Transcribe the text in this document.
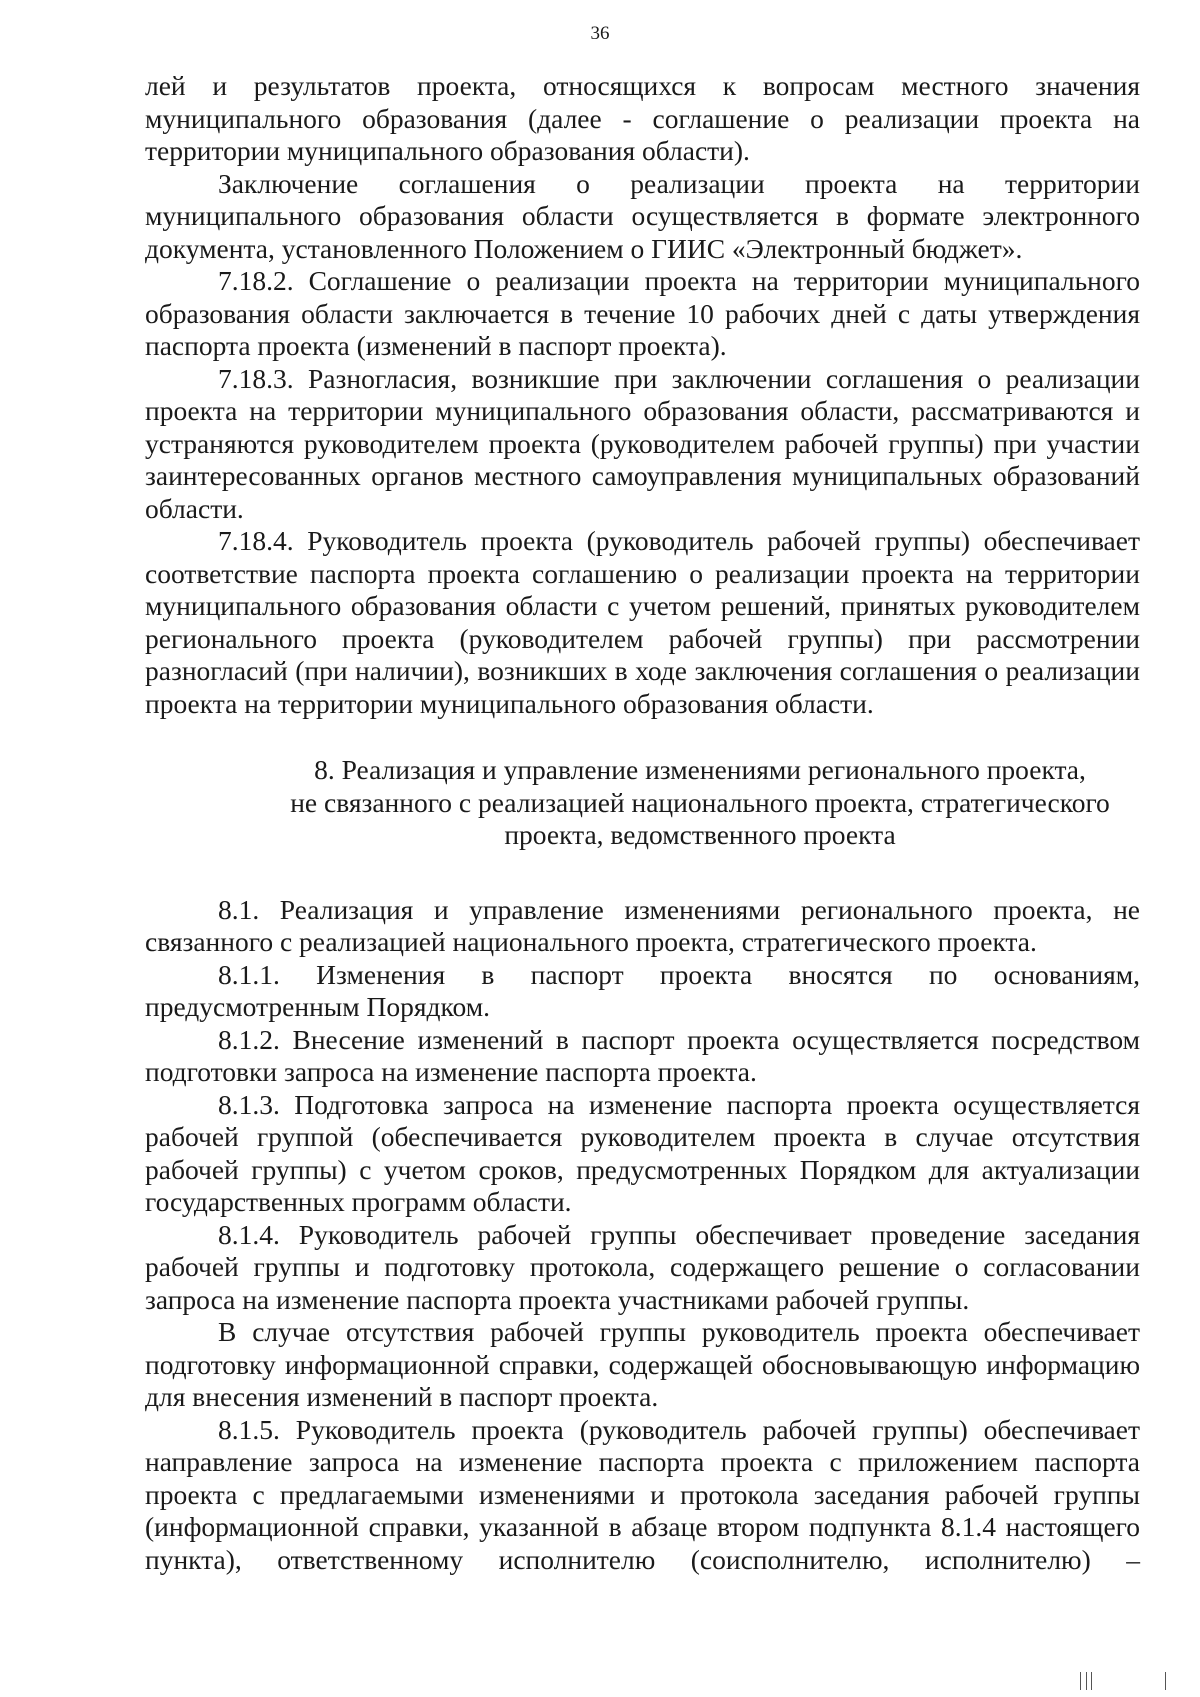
36

лей и результатов проекта, относящихся к вопросам местного значения муниципального образования (далее - соглашение о реализации проекта на территории муниципального образования области).

Заключение соглашения о реализации проекта на территории муниципального образования области осуществляется в формате электронного документа, установленного Положением о ГИИС «Электронный бюджет».

7.18.2. Соглашение о реализации проекта на территории муниципального образования области заключается в течение 10 рабочих дней с даты утверждения паспорта проекта (изменений в паспорт проекта).

7.18.3. Разногласия, возникшие при заключении соглашения о реализации проекта на территории муниципального образования области, рассматриваются и устраняются руководителем проекта (руководителем рабочей группы) при участии заинтересованных органов местного самоуправления муниципальных образований области.

7.18.4. Руководитель проекта (руководитель рабочей группы) обеспечивает соответствие паспорта проекта соглашению о реализации проекта на территории муниципального образования области с учетом решений, принятых руководителем регионального проекта (руководителем рабочей группы) при рассмотрении разногласий (при наличии), возникших в ходе заключения соглашения о реализации проекта на территории муниципального образования области.

8. Реализация и управление изменениями регионального проекта,
не связанного с реализацией национального проекта, стратегического
проекта, ведомственного проекта

8.1. Реализация и управление изменениями регионального проекта, не связанного с реализацией национального проекта, стратегического проекта.

8.1.1. Изменения в паспорт проекта вносятся по основаниям, предусмотренным Порядком.

8.1.2. Внесение изменений в паспорт проекта осуществляется посредством подготовки запроса на изменение паспорта проекта.

8.1.3. Подготовка запроса на изменение паспорта проекта осуществляется рабочей группой (обеспечивается руководителем проекта в случае отсутствия рабочей группы) с учетом сроков, предусмотренных Порядком для актуализации государственных программ области.

8.1.4. Руководитель рабочей группы обеспечивает проведение заседания рабочей группы и подготовку протокола, содержащего решение о согласовании запроса на изменение паспорта проекта участниками рабочей группы.

В случае отсутствия рабочей группы руководитель проекта обеспечивает подготовку информационной справки, содержащей обосновывающую информацию для внесения изменений в паспорт проекта.

8.1.5. Руководитель проекта (руководитель рабочей группы) обеспечивает направление запроса на изменение паспорта проекта с приложением паспорта проекта с предлагаемыми изменениями и протокола заседания рабочей группы (информационной справки, указанной в абзаце втором подпункта 8.1.4 настоящего пункта), ответственному исполнителю (соисполнителю, исполнителю) –
